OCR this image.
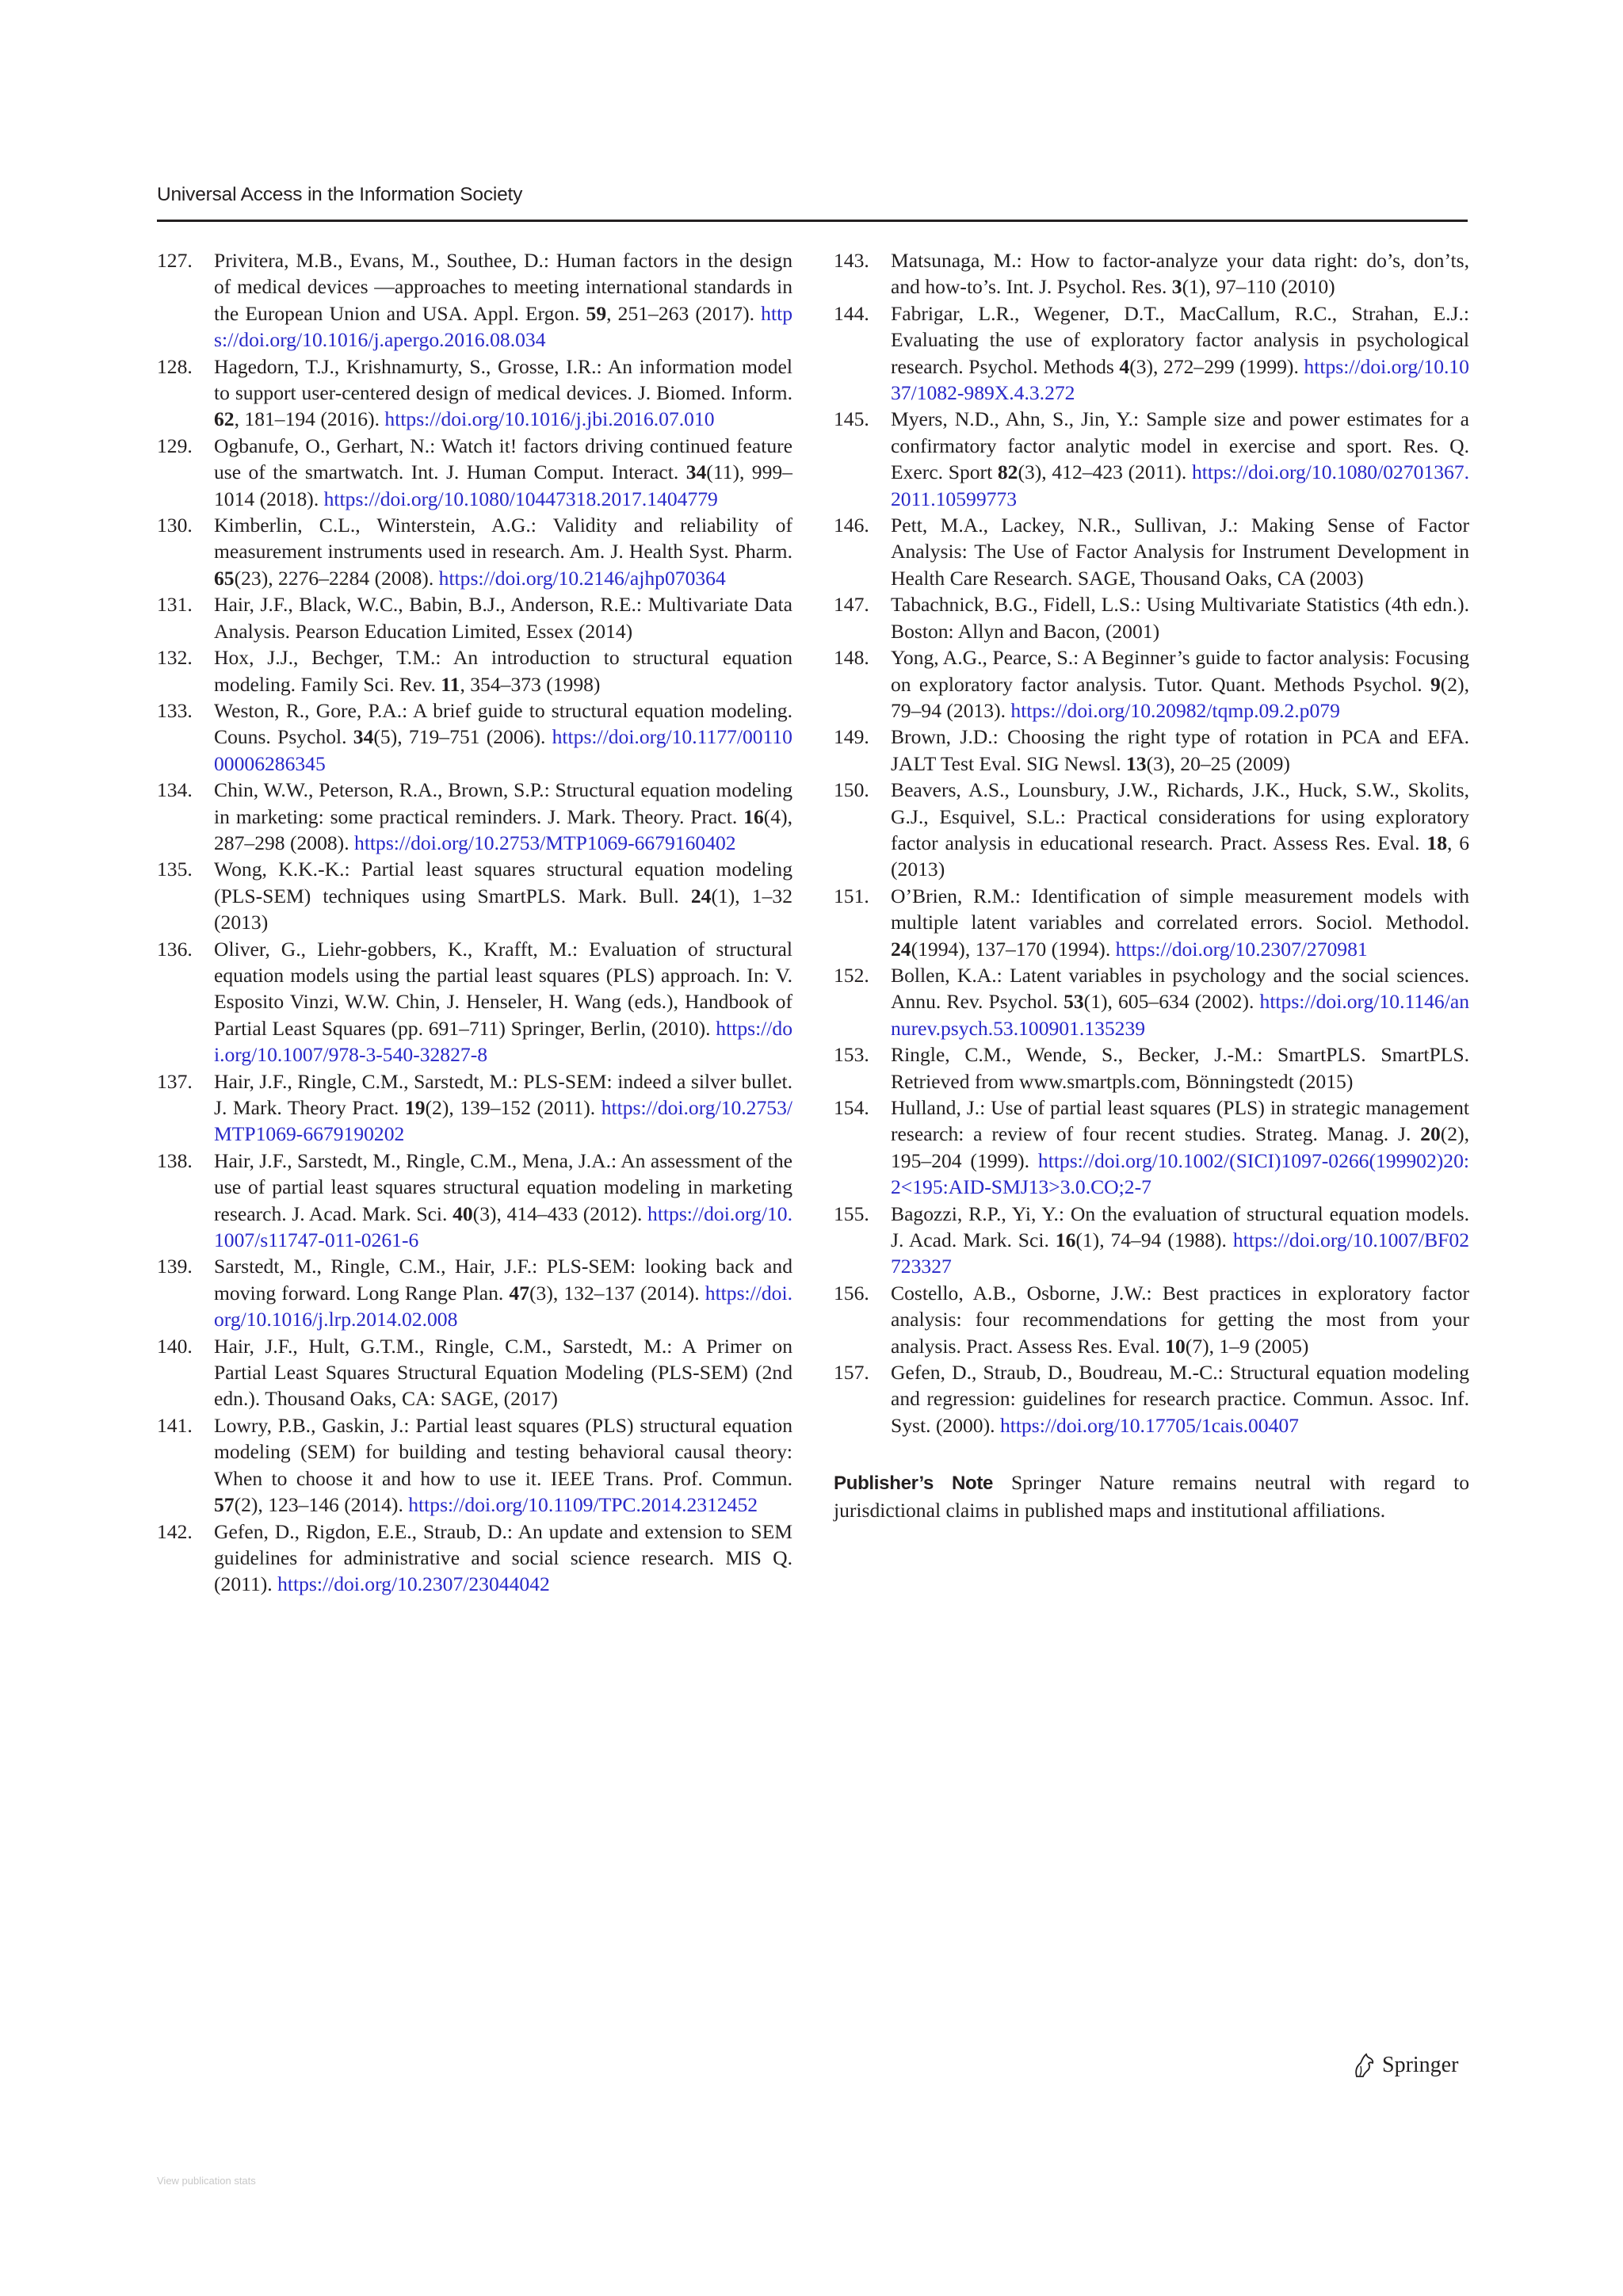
Universal Access in the Information Society
127. Privitera, M.B., Evans, M., Southee, D.: Human factors in the design of medical devices —approaches to meeting international standards in the European Union and USA. Appl. Ergon. 59, 251–263 (2017). https://doi.org/10.1016/j.apergo.2016.08.034
128. Hagedorn, T.J., Krishnamurty, S., Grosse, I.R.: An information model to support user-centered design of medical devices. J. Biomed. Inform. 62, 181–194 (2016). https://doi.org/10.1016/j.jbi.2016.07.010
129. Ogbanufe, O., Gerhart, N.: Watch it! factors driving continued feature use of the smartwatch. Int. J. Human Comput. Interact. 34(11), 999–1014 (2018). https://doi.org/10.1080/10447318.2017.1404779
130. Kimberlin, C.L., Winterstein, A.G.: Validity and reliability of measurement instruments used in research. Am. J. Health Syst. Pharm. 65(23), 2276–2284 (2008). https://doi.org/10.2146/ajhp070364
131. Hair, J.F., Black, W.C., Babin, B.J., Anderson, R.E.: Multivariate Data Analysis. Pearson Education Limited, Essex (2014)
132. Hox, J.J., Bechger, T.M.: An introduction to structural equation modeling. Family Sci. Rev. 11, 354–373 (1998)
133. Weston, R., Gore, P.A.: A brief guide to structural equation modeling. Couns. Psychol. 34(5), 719–751 (2006). https://doi.org/10.1177/0011000006286345
134. Chin, W.W., Peterson, R.A., Brown, S.P.: Structural equation modeling in marketing: some practical reminders. J. Mark. Theory. Pract. 16(4), 287–298 (2008). https://doi.org/10.2753/MTP1069-6679160402
135. Wong, K.K.-K.: Partial least squares structural equation modeling (PLS-SEM) techniques using SmartPLS. Mark. Bull. 24(1), 1–32 (2013)
136. Oliver, G., Liehr-gobbers, K., Krafft, M.: Evaluation of structural equation models using the partial least squares (PLS) approach. In: V. Esposito Vinzi, W.W. Chin, J. Henseler, H. Wang (eds.), Handbook of Partial Least Squares (pp. 691–711) Springer, Berlin, (2010). https://doi.org/10.1007/978-3-540-32827-8
137. Hair, J.F., Ringle, C.M., Sarstedt, M.: PLS-SEM: indeed a silver bullet. J. Mark. Theory Pract. 19(2), 139–152 (2011). https://doi.org/10.2753/MTP1069-6679190202
138. Hair, J.F., Sarstedt, M., Ringle, C.M., Mena, J.A.: An assessment of the use of partial least squares structural equation modeling in marketing research. J. Acad. Mark. Sci. 40(3), 414–433 (2012). https://doi.org/10.1007/s11747-011-0261-6
139. Sarstedt, M., Ringle, C.M., Hair, J.F.: PLS-SEM: looking back and moving forward. Long Range Plan. 47(3), 132–137 (2014). https://doi.org/10.1016/j.lrp.2014.02.008
140. Hair, J.F., Hult, G.T.M., Ringle, C.M., Sarstedt, M.: A Primer on Partial Least Squares Structural Equation Modeling (PLS-SEM) (2nd edn.). Thousand Oaks, CA: SAGE, (2017)
141. Lowry, P.B., Gaskin, J.: Partial least squares (PLS) structural equation modeling (SEM) for building and testing behavioral causal theory: When to choose it and how to use it. IEEE Trans. Prof. Commun. 57(2), 123–146 (2014). https://doi.org/10.1109/TPC.2014.2312452
142. Gefen, D., Rigdon, E.E., Straub, D.: An update and extension to SEM guidelines for administrative and social science research. MIS Q. (2011). https://doi.org/10.2307/23044042
143. Matsunaga, M.: How to factor-analyze your data right: do’s, don’ts, and how-to’s. Int. J. Psychol. Res. 3(1), 97–110 (2010)
144. Fabrigar, L.R., Wegener, D.T., MacCallum, R.C., Strahan, E.J.: Evaluating the use of exploratory factor analysis in psychological research. Psychol. Methods 4(3), 272–299 (1999). https://doi.org/10.1037/1082-989X.4.3.272
145. Myers, N.D., Ahn, S., Jin, Y.: Sample size and power estimates for a confirmatory factor analytic model in exercise and sport. Res. Q. Exerc. Sport 82(3), 412–423 (2011). https://doi.org/10.1080/02701367.2011.10599773
146. Pett, M.A., Lackey, N.R., Sullivan, J.: Making Sense of Factor Analysis: The Use of Factor Analysis for Instrument Development in Health Care Research. SAGE, Thousand Oaks, CA (2003)
147. Tabachnick, B.G., Fidell, L.S.: Using Multivariate Statistics (4th edn.). Boston: Allyn and Bacon, (2001)
148. Yong, A.G., Pearce, S.: A Beginner’s guide to factor analysis: Focusing on exploratory factor analysis. Tutor. Quant. Methods Psychol. 9(2), 79–94 (2013). https://doi.org/10.20982/tqmp.09.2.p079
149. Brown, J.D.: Choosing the right type of rotation in PCA and EFA. JALT Test Eval. SIG Newsl. 13(3), 20–25 (2009)
150. Beavers, A.S., Lounsbury, J.W., Richards, J.K., Huck, S.W., Skolits, G.J., Esquivel, S.L.: Practical considerations for using exploratory factor analysis in educational research. Pract. Assess Res. Eval. 18, 6 (2013)
151. O’Brien, R.M.: Identification of simple measurement models with multiple latent variables and correlated errors. Sociol. Methodol. 24(1994), 137–170 (1994). https://doi.org/10.2307/270981
152. Bollen, K.A.: Latent variables in psychology and the social sciences. Annu. Rev. Psychol. 53(1), 605–634 (2002). https://doi.org/10.1146/annurev.psych.53.100901.135239
153. Ringle, C.M., Wende, S., Becker, J.-M.: SmartPLS. SmartPLS. Retrieved from www.smartpls.com, Bönningstedt (2015)
154. Hulland, J.: Use of partial least squares (PLS) in strategic management research: a review of four recent studies. Strateg. Manag. J. 20(2), 195–204 (1999). https://doi.org/10.1002/(SICI)1097-0266(199902)20:2<195:AID-SMJ13>3.0.CO;2-7
155. Bagozzi, R.P., Yi, Y.: On the evaluation of structural equation models. J. Acad. Mark. Sci. 16(1), 74–94 (1988). https://doi.org/10.1007/BF02723327
156. Costello, A.B., Osborne, J.W.: Best practices in exploratory factor analysis: four recommendations for getting the most from your analysis. Pract. Assess Res. Eval. 10(7), 1–9 (2005)
157. Gefen, D., Straub, D., Boudreau, M.-C.: Structural equation modeling and regression: guidelines for research practice. Commun. Assoc. Inf. Syst. (2000). https://doi.org/10.17705/1cais.00407
Publisher’s Note Springer Nature remains neutral with regard to jurisdictional claims in published maps and institutional affiliations.
Springer
View publication stats
